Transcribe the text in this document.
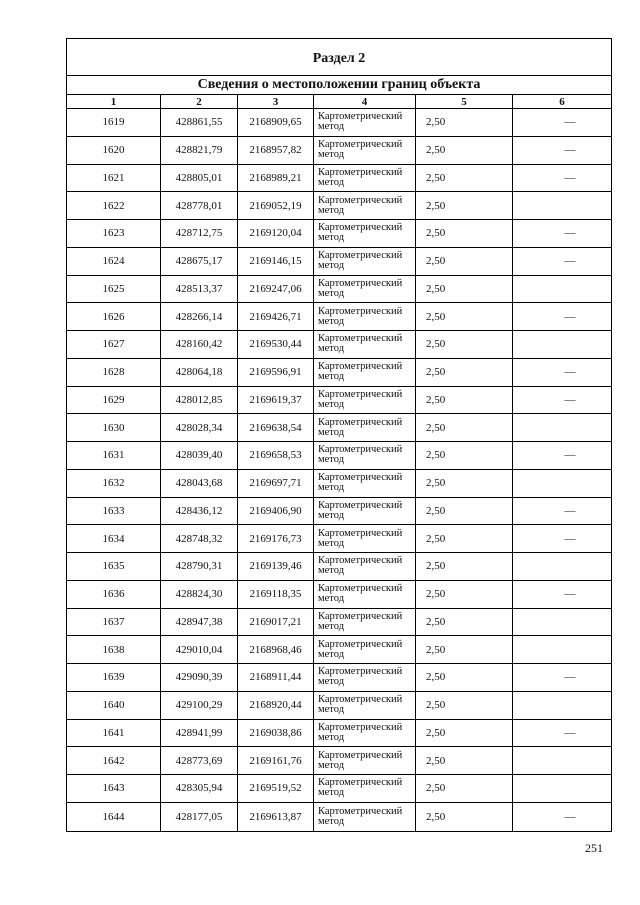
Раздел 2
Сведения о местоположении границ объекта
1	2	3	4	5	6
1619	428861,55	2168909,65	Картометрический
метод	2,50	—
1620	428821,79	2168957,82	Картометрический
метод	2,50	—
1621	428805,01	2168989,21	Картометрический
метод	2,50	—
1622	428778,01	2169052,19	Картометрический
метод	2,50
1623	428712,75	2169120,04	Картометрический
метод	2,50	—
1624	428675,17	2169146,15	Картометрический
метод	2,50	—
1625	428513,37	2169247,06	Картометрический
метод	2,50
1626	428266,14	2169426,71	Картометрический
метод	2,50	—
1627	428160,42	2169530,44	Картометрический
метод	2,50
1628	428064,18	2169596,91	Картометрический
метод	2,50	—
1629	428012,85	2169619,37	Картометрический
метод	2,50	—
1630	428028,34	2169638,54	Картометрический
метод	2,50
1631	428039,40	2169658,53	Картометрический
метод	2,50	—
1632	428043,68	2169697,71	Картометрический
метод	2,50
1633	428436,12	2169406,90	Картометрический
метод	2,50	—
1634	428748,32	2169176,73	Картометрический
метод	2,50	—
1635	428790,31	2169139,46	Картометрический
метод	2,50
1636	428824,30	2169118,35	Картометрический
метод	2,50	—
1637	428947,38	2169017,21	Картометрический
метод	2,50
1638	429010,04	2168968,46	Картометрический
метод	2,50
1639	429090,39	2168911,44	Картометрический
метод	2,50	—
1640	429100,29	2168920,44	Картометрический
метод	2,50
1641	428941,99	2169038,86	Картометрический
метод	2,50	—
1642	428773,69	2169161,76	Картометрический
метод	2,50
1643	428305,94	2169519,52	Картометрический
метод	2,50
1644	428177,05	2169613,87	Картометрический
метод	2,50	—
251
